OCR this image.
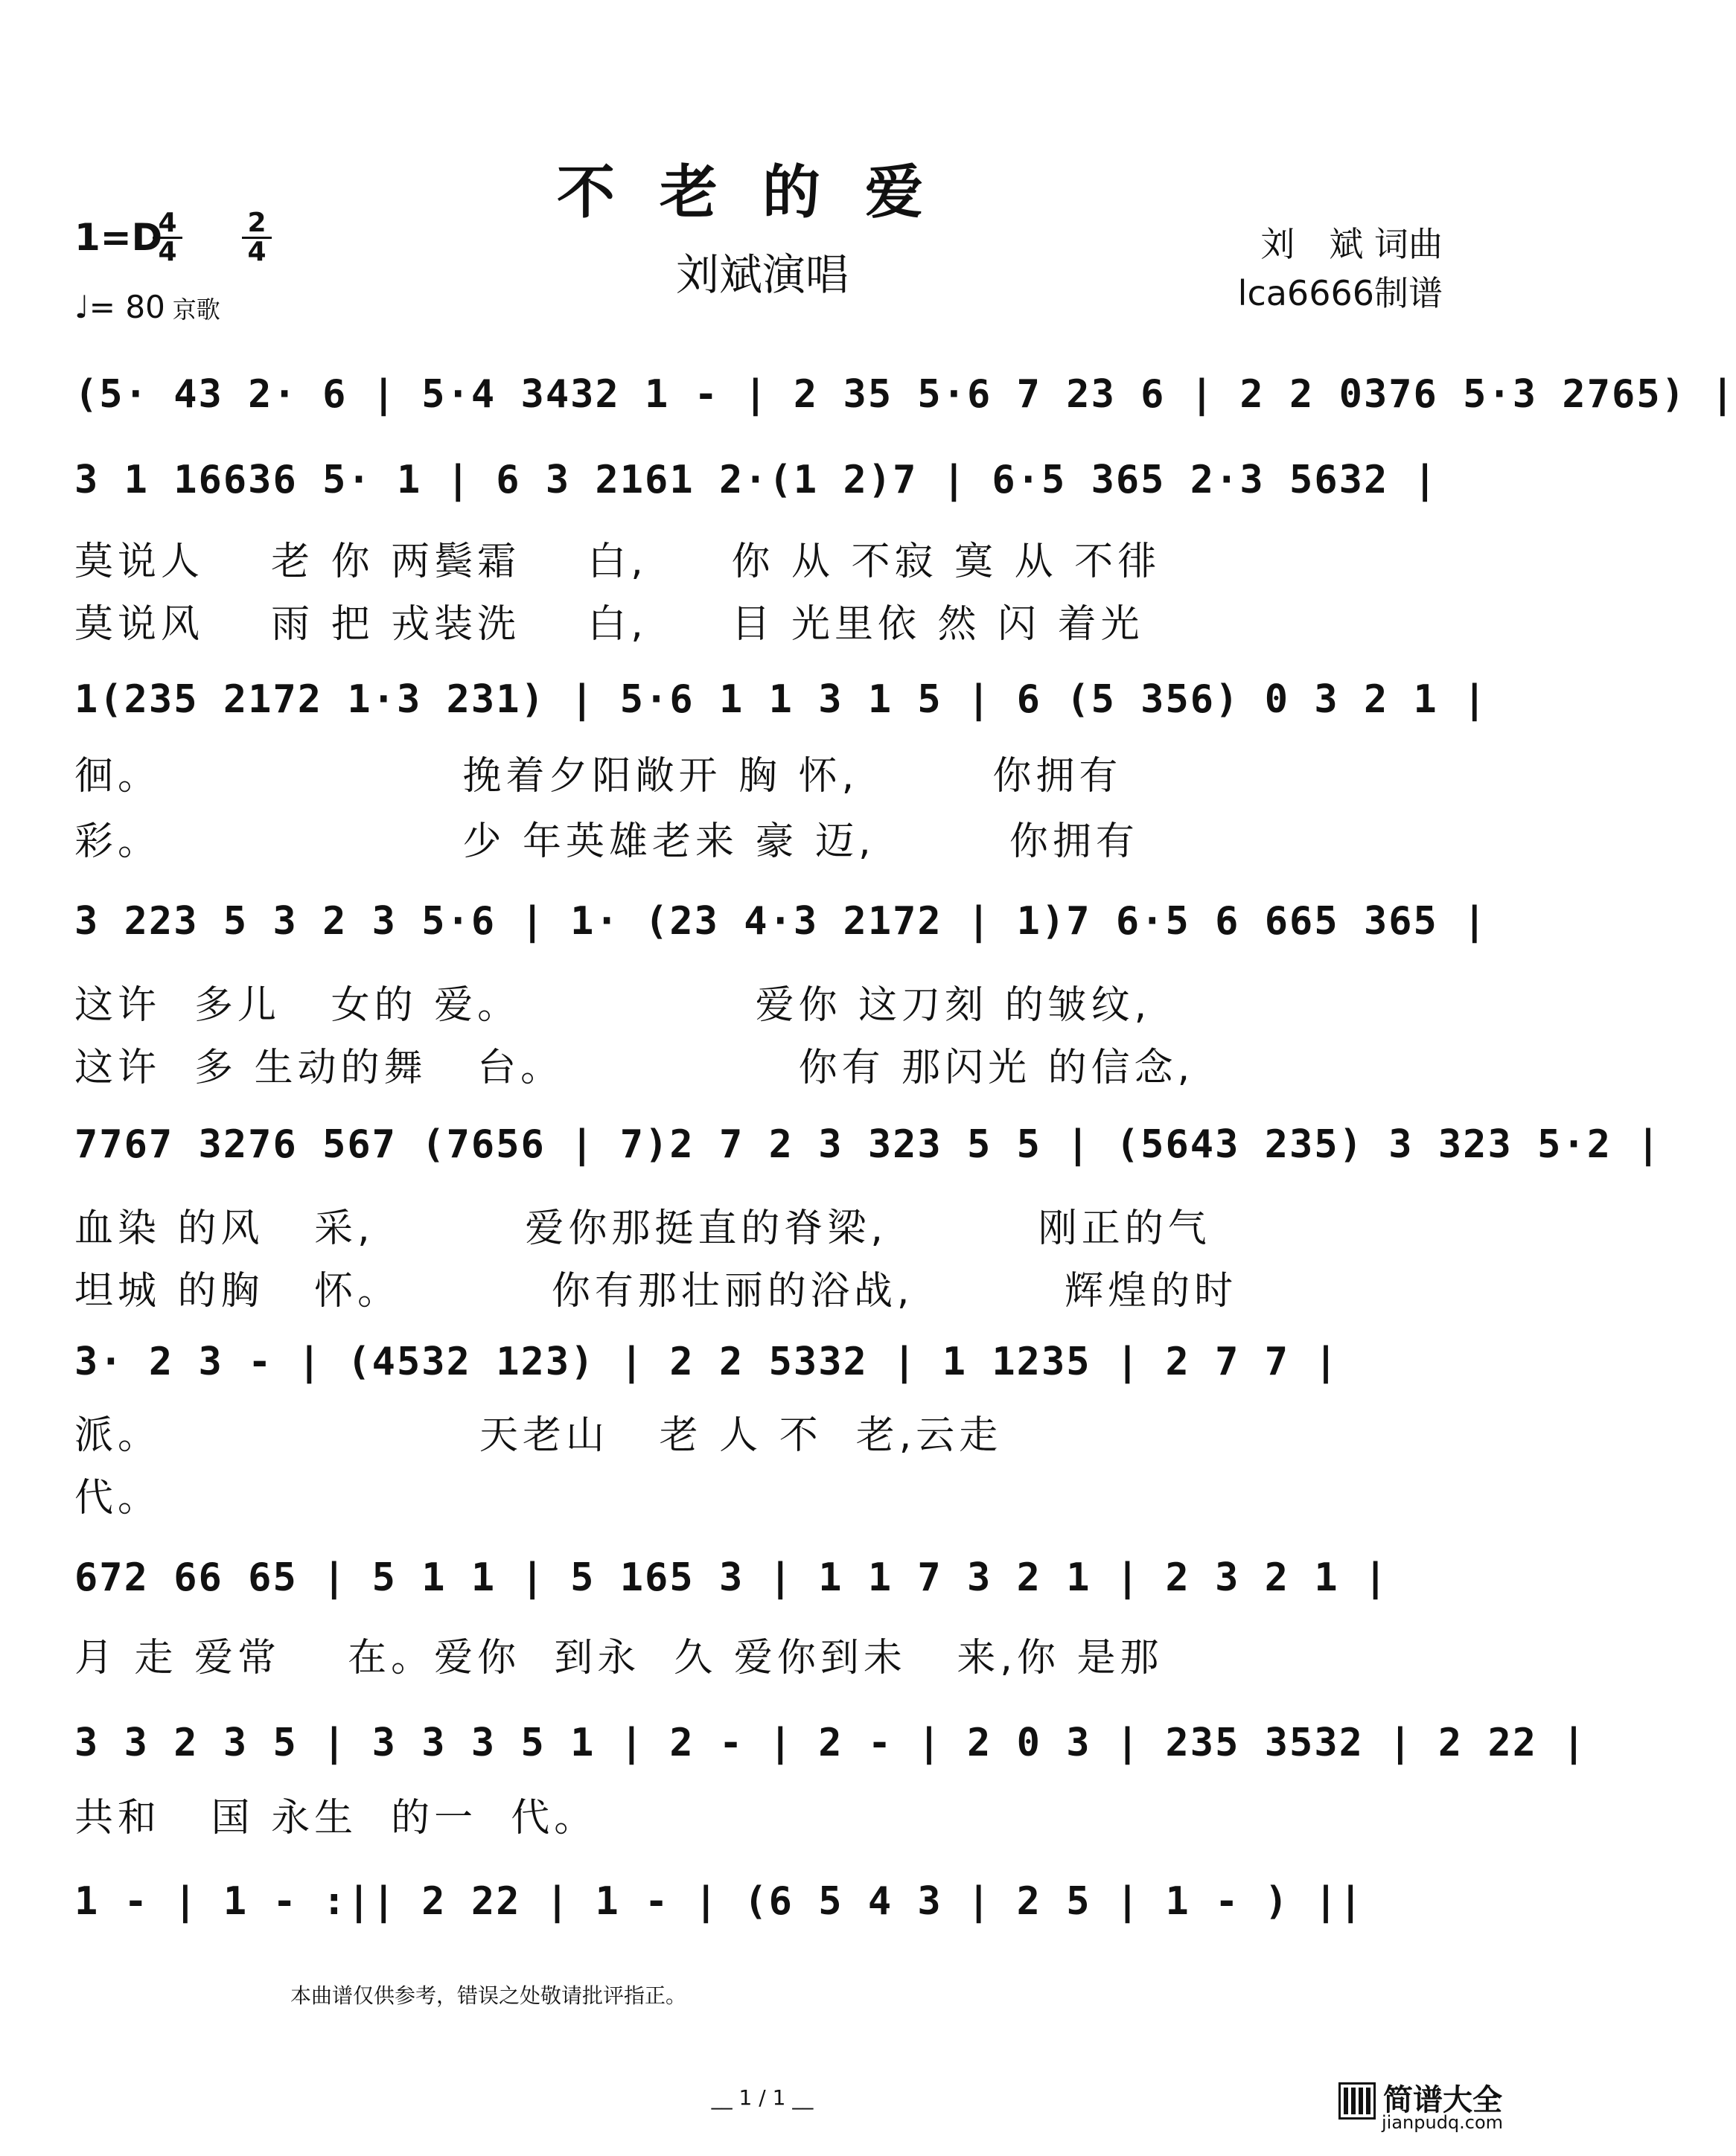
不老的爱
刘斌演唱
1=D
4
4
2
4
♩= 80 京歌
刘　斌 词曲
lca6666制谱
(5· 43 2· 6 | 5·4 3432 1 - | 2 35 5·6 7 23 6 | 2 2 0376 5·3 2765) |
3 1 16636 5· 1 | 6 3 2161 2·(1 2)7 | 6·5 365 2·3 5632 |
莫说人    老 你 两鬓霜    白,     你 从 不寂 寞 从 不徘
莫说风    雨 把 戎装洗    白,     目 光里依 然 闪 着光
1(235 2172 1·3 231) | 5·6 1 1 3 1 5 | 6 (5 356) 0 3 2 1 |
徊。                  挽着夕阳敞开 胸 怀,        你拥有
彩。                  少 年英雄老来 豪 迈,        你拥有
3 223 5 3 2 3 5·6 | 1· (23 4·3 2172 | 1)7 6·5 6 665 365 |
这许  多儿   女的 爱。              爱你 这刀刻 的皱纹,
这许  多 生动的舞   台。              你有 那闪光 的信念,
7767 3276 567 (7656 | 7)2 7 2 3 323 5 5 | (5643 235) 3 323 5·2 |
血染 的风   采,         爱你那挺直的脊梁,         刚正的气
坦城 的胸   怀。         你有那壮丽的浴战,         辉煌的时
3· 2 3 - | (4532 123) | 2 2 5332 | 1 1235 | 2 7 7 |
派。                   天老山   老 人 不  老,云走
代。
672 66 65 | 5 1 1 | 5 165 3 | 1 1 7 3 2 1 | 2 3 2 1 |
月 走 爱常    在。爱你  到永  久 爱你到未   来,你 是那
3 3 2 3 5 | 3 3 3 5 1 | 2 - | 2 - | 2 0 3 | 235 3532 | 2 22 |
共和   国 永生  的一  代。
1 - | 1 - :|| 2 22 | 1 - | (6 5 4 3 | 2 5 | 1 - ) ||
本曲谱仅供参考，错误之处敬请批评指正。
__ 1 / 1 __	简谱大全
jianpudq.com
